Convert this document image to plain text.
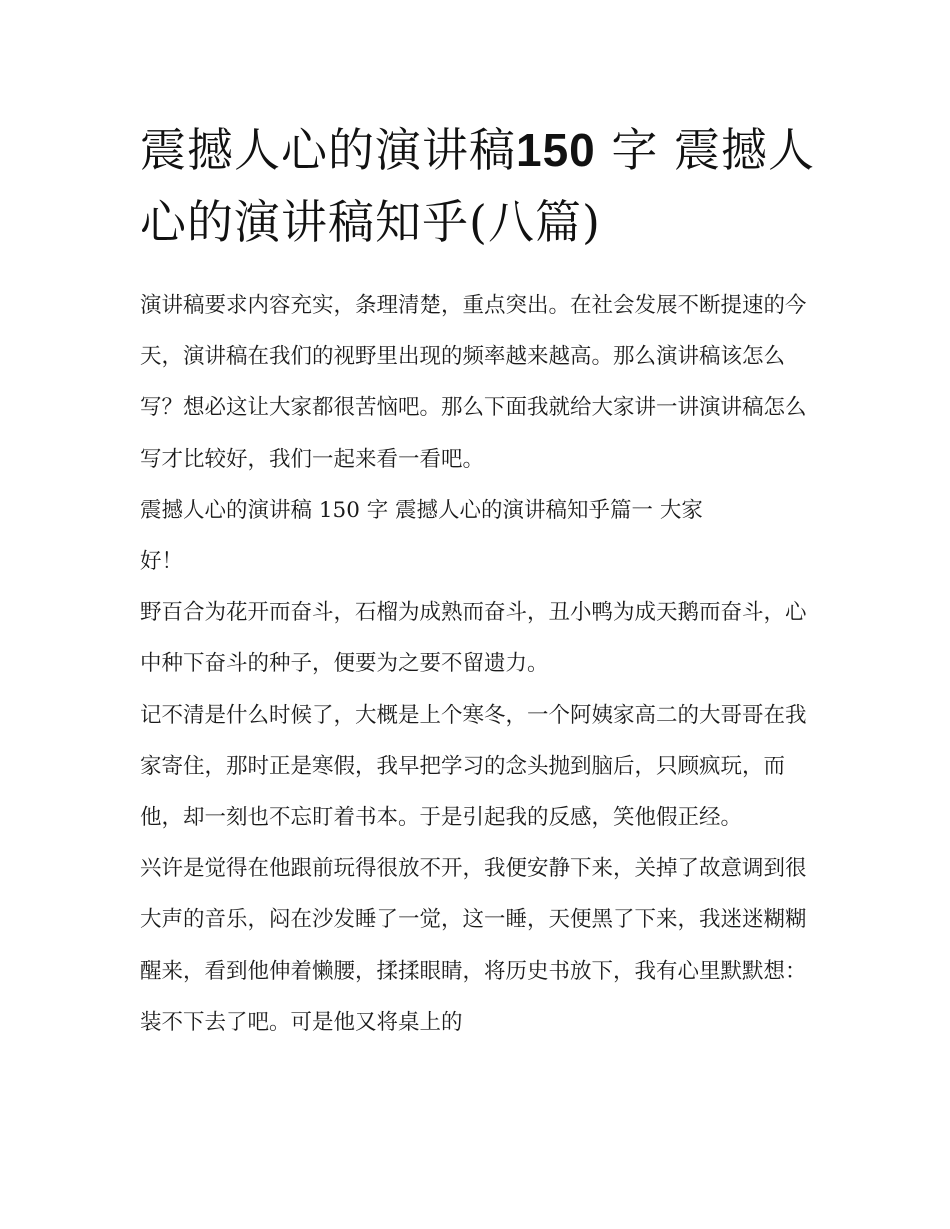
震撼人心的演讲稿150 字 震撼人心的演讲稿知乎(八篇)

演讲稿要求内容充实，条理清楚，重点突出。在社会发展不断提速的今天，演讲稿在我们的视野里出现的频率越来越高。那么演讲稿该怎么写？想必这让大家都很苦恼吧。那么下面我就给大家讲一讲演讲稿怎么写才比较好，我们一起来看一看吧。

震撼人心的演讲稿 150 字 震撼人心的演讲稿知乎篇一 大家

好！

野百合为花开而奋斗，石榴为成熟而奋斗，丑小鸭为成天鹅而奋斗，心中种下奋斗的种子，便要为之要不留遗力。

记不清是什么时候了，大概是上个寒冬，一个阿姨家高二的大哥哥在我家寄住，那时正是寒假，我早把学习的念头抛到脑后，只顾疯玩，而他，却一刻也不忘盯着书本。于是引起我的反感，笑他假正经。

兴许是觉得在他跟前玩得很放不开，我便安静下来，关掉了故意调到很大声的音乐，闷在沙发睡了一觉，这一睡，天便黑了下来，我迷迷糊糊醒来，看到他伸着懒腰，揉揉眼睛，将历史书放下，我有心里默默想：装不下去了吧。可是他又将桌上的
